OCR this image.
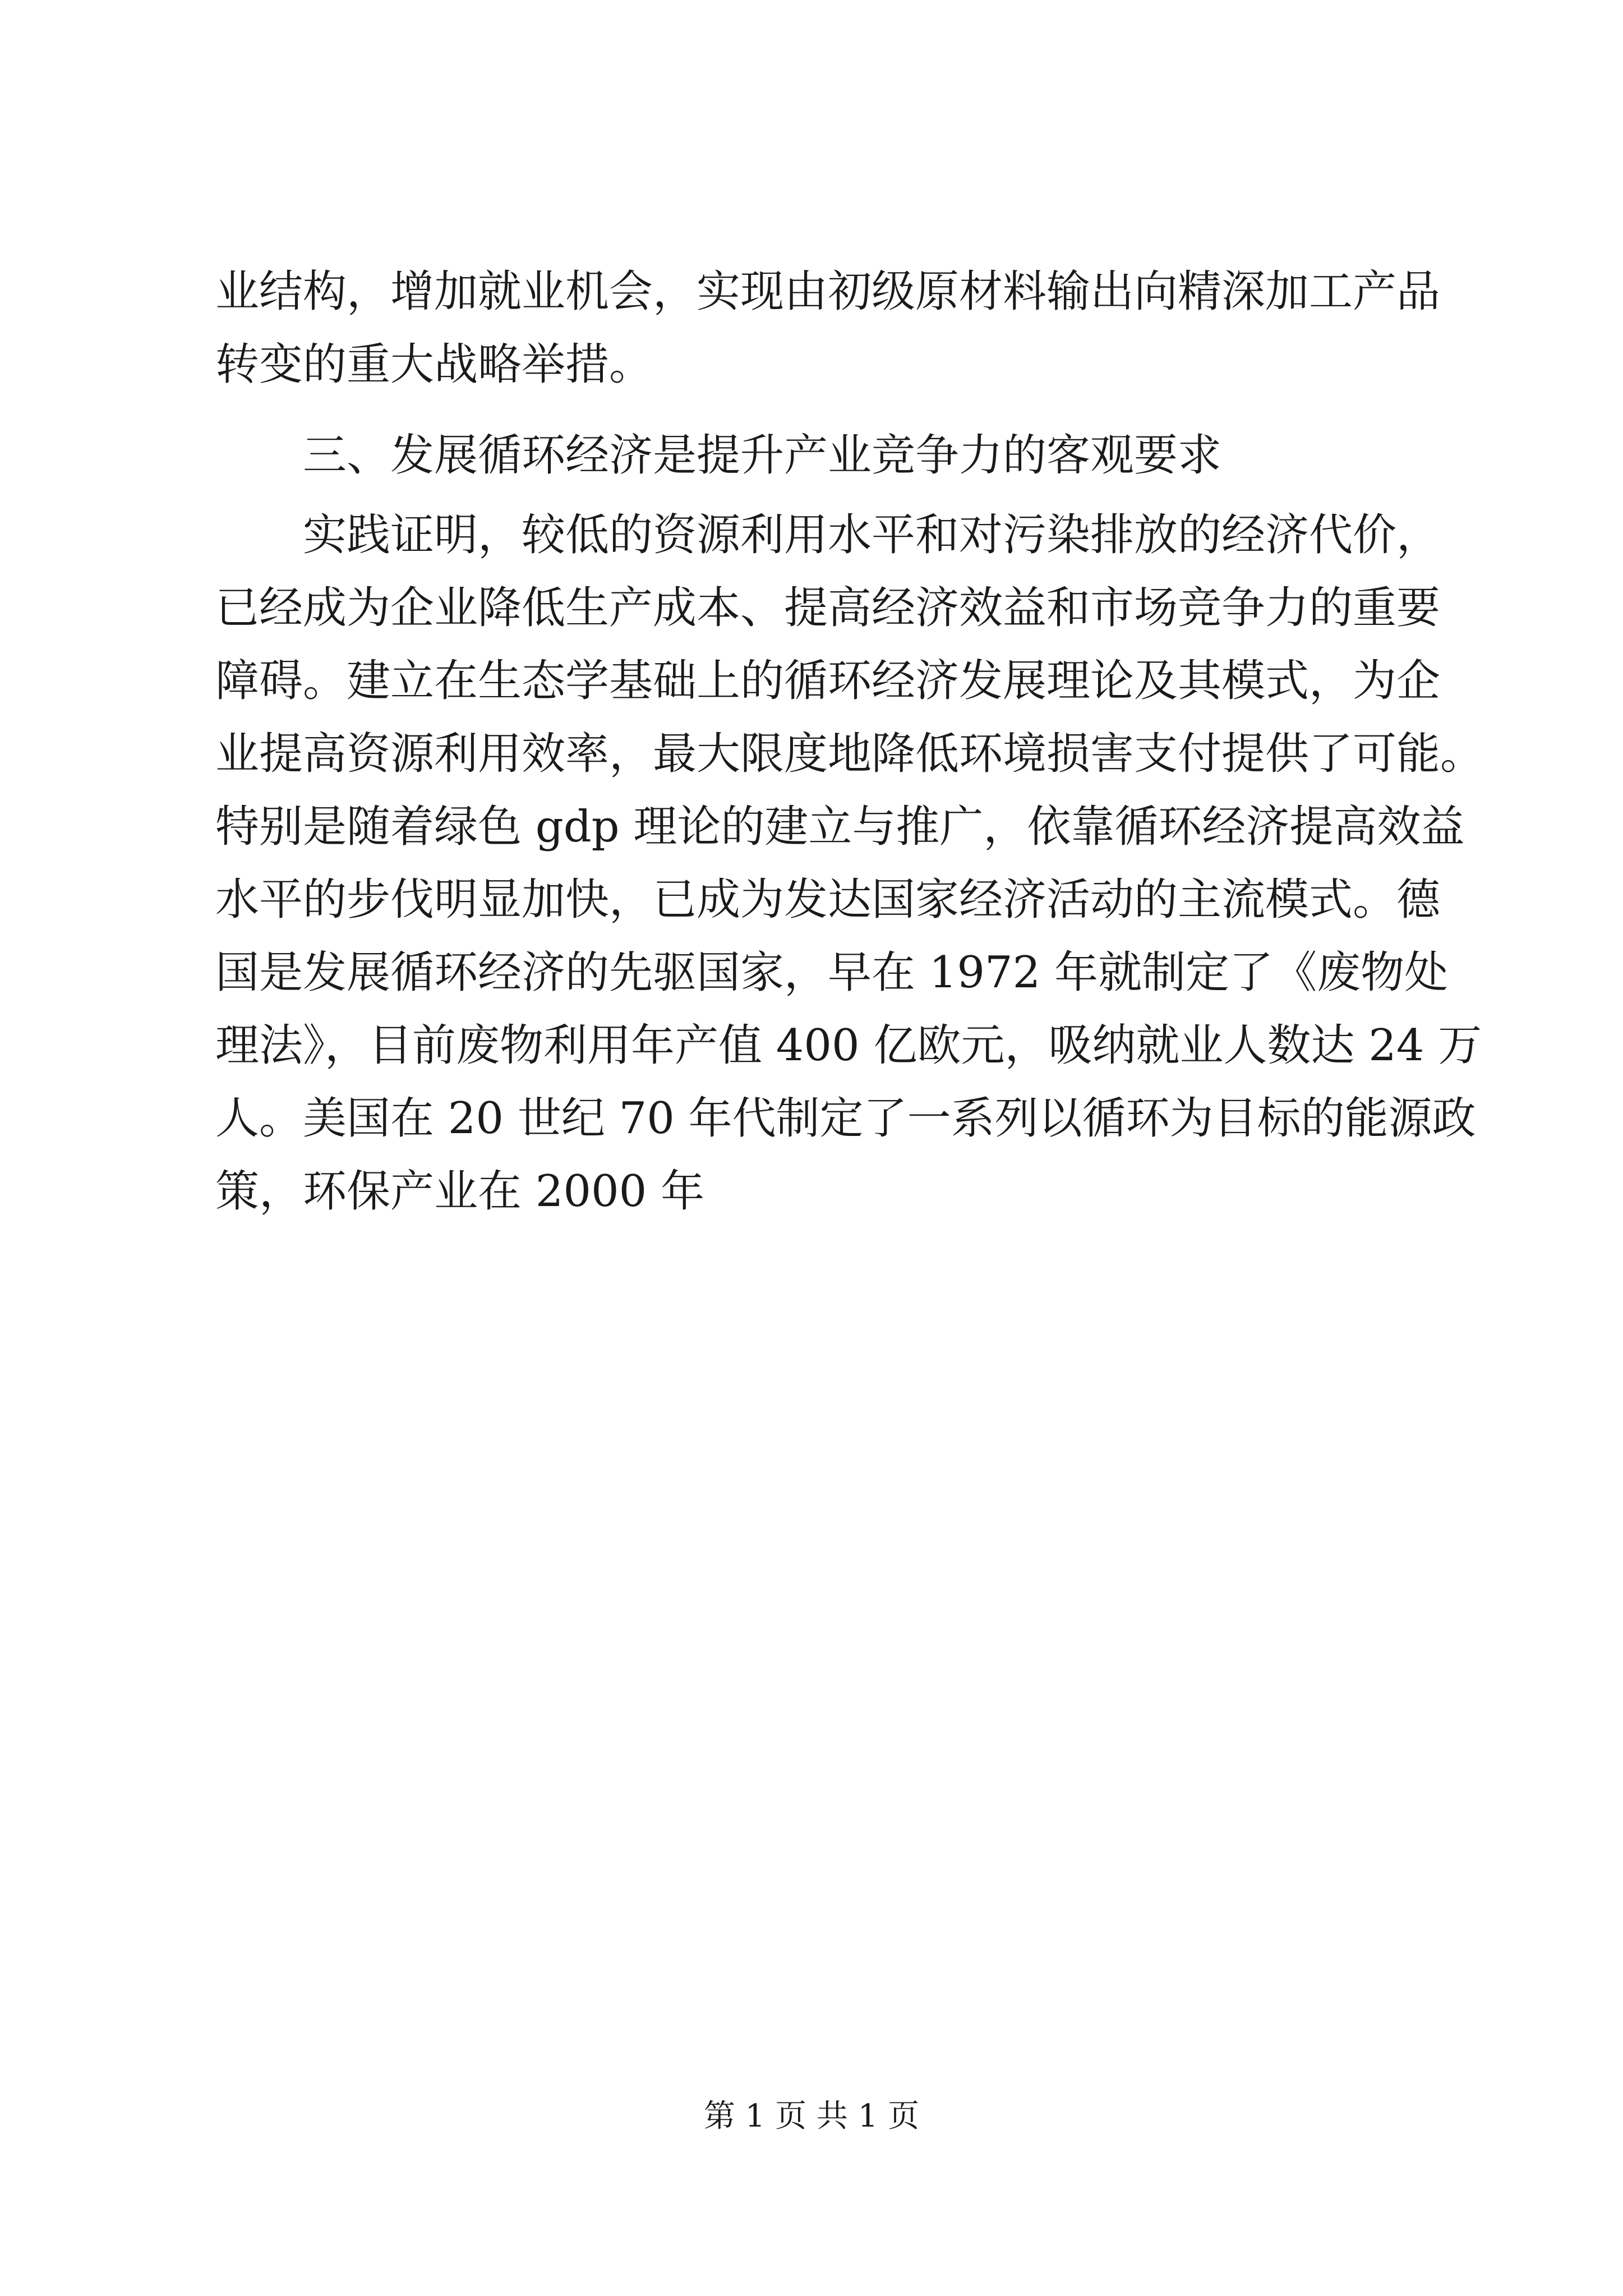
业结构，增加就业机会，实现由初级原材料输出向精深加工产品
转变的重大战略举措。
三、发展循环经济是提升产业竞争力的客观要求
实践证明，较低的资源利用水平和对污染排放的经济代价，
已经成为企业降低生产成本、提高经济效益和市场竞争力的重要
障碍。建立在生态学基础上的循环经济发展理论及其模式，为企
业提高资源利用效率，最大限度地降低环境损害支付提供了可能。
特别是随着绿色 gdp 理论的建立与推广，依靠循环经济提高效益
水平的步伐明显加快，已成为发达国家经济活动的主流模式。德
国是发展循环经济的先驱国家，早在 1972 年就制定了《废物处
理法》，目前废物利用年产值 400 亿欧元，吸纳就业人数达 24 万
人。美国在 20 世纪 70 年代制定了一系列以循环为目标的能源政
策，环保产业在 2000 年
第 1 页 共 1 页
